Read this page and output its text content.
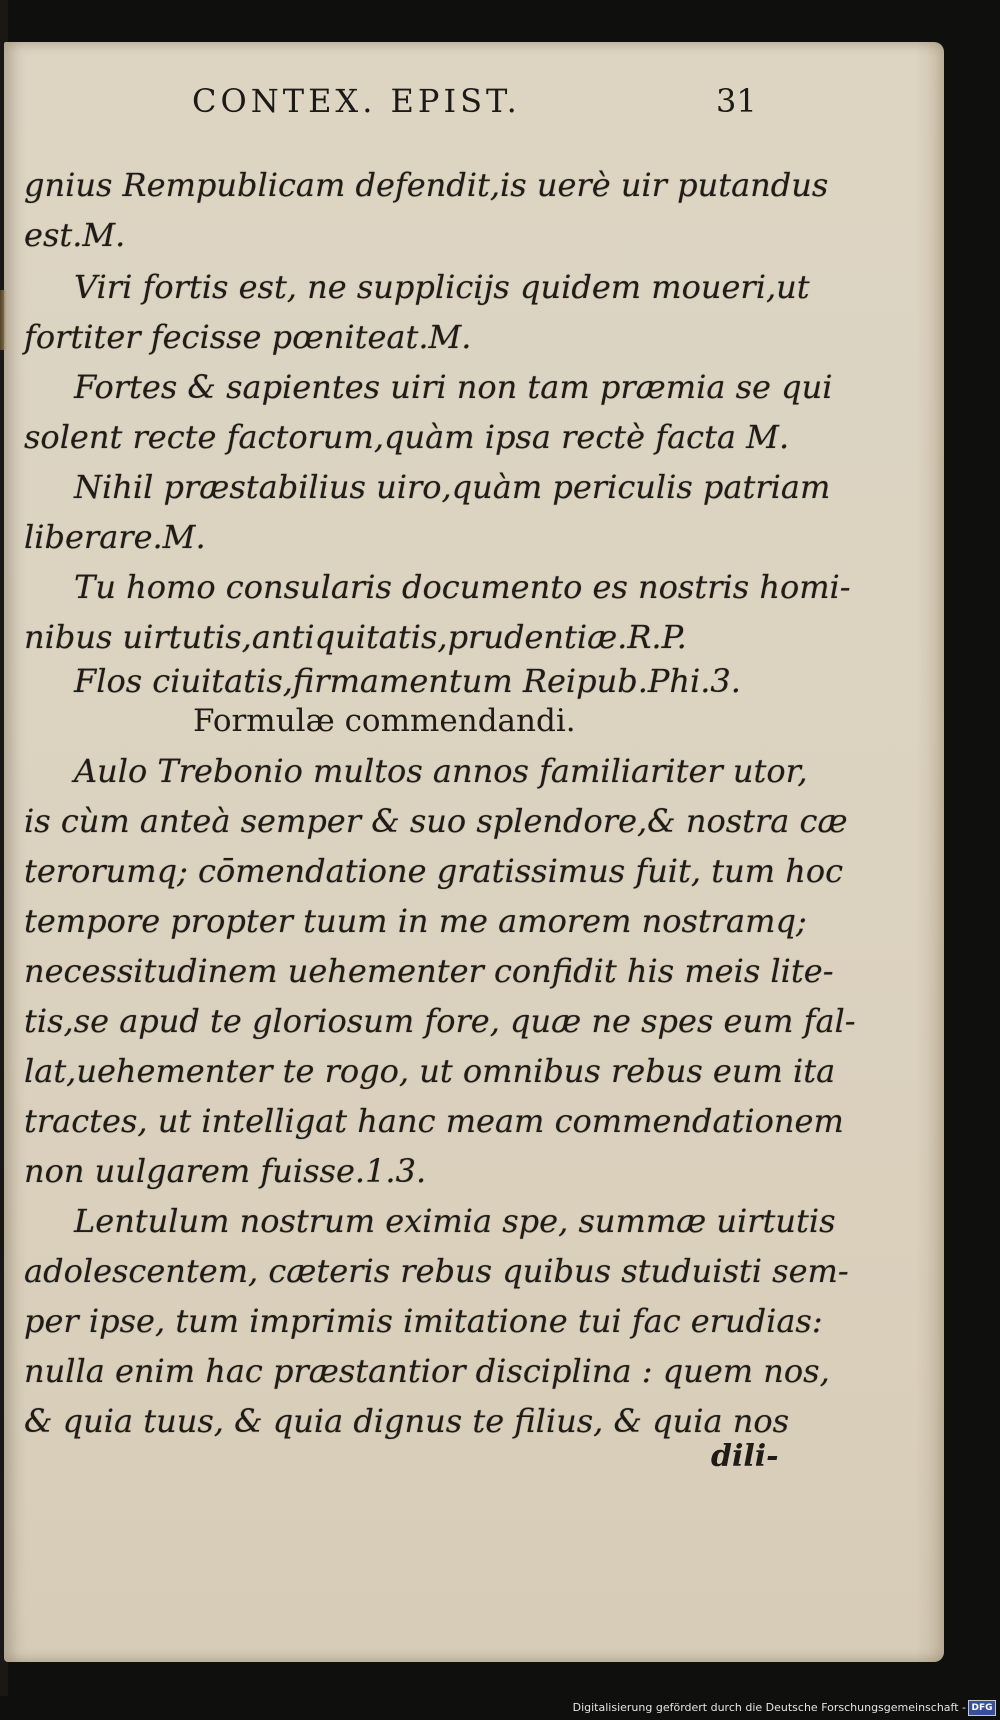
CONTEX. EPIST.	31
gnius Rempublicam defendit,is uerè uir putandus
est.M.
Viri fortis est, ne supplicijs quidem moueri,ut
fortiter fecisse pœniteat.M.
Fortes & sapientes uiri non tam præmia se qui
solent recte factorum,quàm ipsa rectè facta M.
Nihil præstabilius uiro,quàm periculis patriam
liberare.M.
Tu homo consularis documento es nostris homi-
nibus uirtutis,antiquitatis,prudentiæ.R.P.
Flos ciuitatis,firmamentum Reipub.Phi.3.
Formulæ commendandi.
Aulo Trebonio multos annos familiariter utor,
is cùm anteà semper & suo splendore,& nostra cæ
terorumq; cōmendatione gratissimus fuit, tum hoc
tempore propter tuum in me amorem nostramq;
necessitudinem uehementer confidit his meis lite-
tis,se apud te gloriosum fore, quæ ne spes eum fal-
lat,uehementer te rogo, ut omnibus rebus eum ita
tractes, ut intelligat hanc meam commendationem
non uulgarem fuisse.1.3.
Lentulum nostrum eximia spe, summæ uirtutis
adolescentem, cæteris rebus quibus studuisti sem-
per ipse, tum imprimis imitatione tui fac erudias:
nulla enim hac præstantior disciplina : quem nos,
& quia tuus, & quia dignus te filius, & quia nos
dili-
Digitalisierung gefördert durch die Deutsche Forschungsgemeinschaft - DFG
